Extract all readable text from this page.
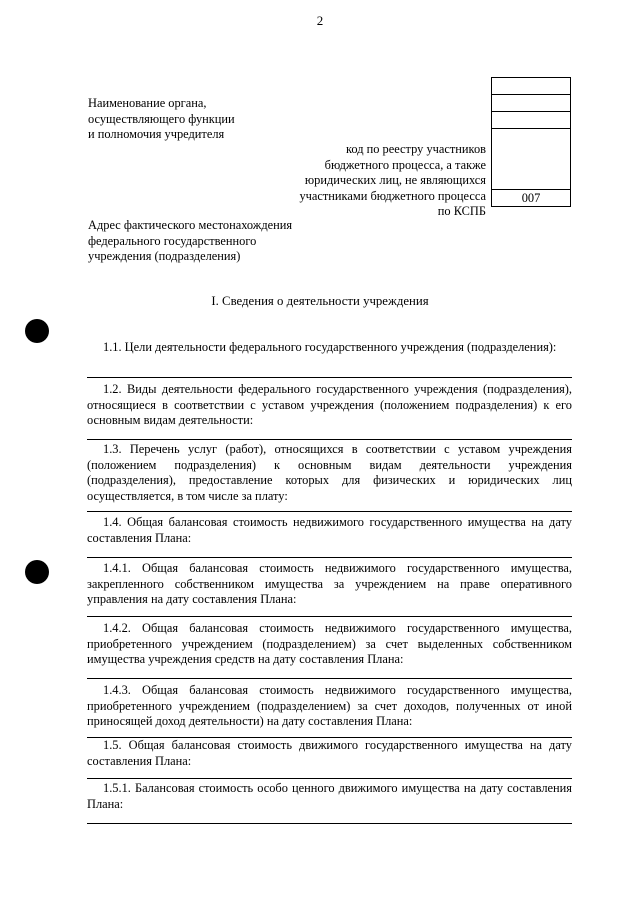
2
Наименование органа,
осуществляющего функции
и полномочия учредителя
007
код по реестру участников
бюджетного процесса, а также
юридических лиц, не являющихся
участниками бюджетного процесса
по КСПБ
Адрес фактического местонахождения
федерального государственного
учреждения (подразделения)
I. Сведения о деятельности учреждения
1.1. Цели деятельности федерального государственного учреждения (подразделения):
1.2. Виды деятельности федерального государственного учреждения (подразделения), относящиеся в соответствии с уставом учреждения (положением подразделения) к его основным видам деятельности:
1.3. Перечень услуг (работ), относящихся в соответствии с уставом учреждения (положением подразделения) к основным видам деятельности учреждения (подразделения), предоставление которых для физических и юридических лиц осуществляется, в том числе за плату:
1.4. Общая балансовая стоимость недвижимого государственного имущества на дату составления Плана:
1.4.1. Общая балансовая стоимость недвижимого государственного имущества, закрепленного собственником имущества за учреждением на праве оперативного управления на дату составления Плана:
1.4.2. Общая балансовая стоимость недвижимого государственного имущества, приобретенного учреждением (подразделением) за счет выделенных собственником имущества учреждения средств на дату составления Плана:
1.4.3. Общая балансовая стоимость недвижимого государственного имущества, приобретенного учреждением (подразделением) за счет доходов, полученных от иной приносящей доход деятельности) на дату составления Плана:
1.5. Общая балансовая стоимость движимого государственного имущества на дату составления Плана:
1.5.1. Балансовая стоимость особо ценного движимого имущества на дату составления Плана:
